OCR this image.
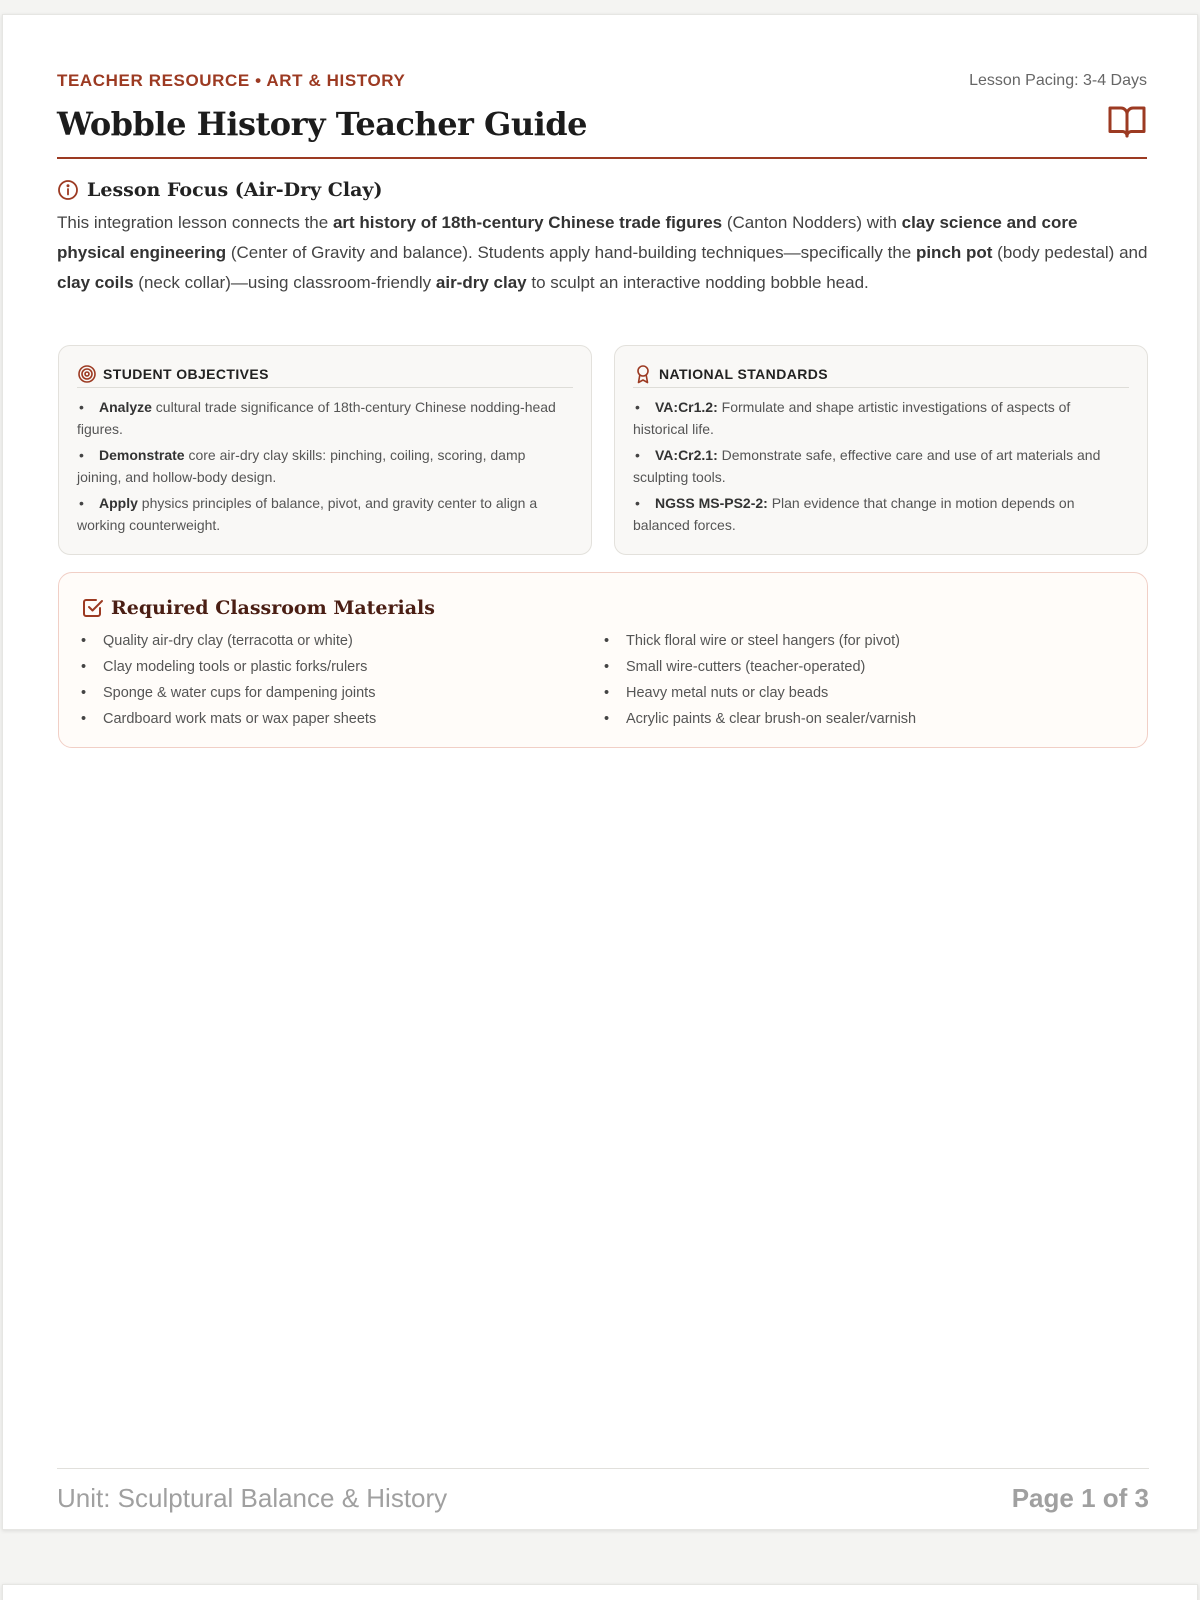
TEACHER RESOURCE • ART & HISTORY	Lesson Pacing: 3-4 Days
Wobble History Teacher Guide
Lesson Focus (Air-Dry Clay)

This integration lesson connects the art history of 18th-century Chinese trade figures (Canton Nodders) with clay science and core physical engineering (Center of Gravity and balance). Students apply hand-building techniques—specifically the pinch pot (body pedestal) and clay coils (neck collar)—using classroom-friendly air-dry clay to sculpt an interactive nodding bobble head.

STUDENT OBJECTIVES
• Analyze cultural trade significance of 18th-century Chinese nodding-head figures.
• Demonstrate core air-dry clay skills: pinching, coiling, scoring, damp joining, and hollow-body design.
• Apply physics principles of balance, pivot, and gravity center to align a working counterweight.
NATIONAL STANDARDS
• VA:Cr1.2: Formulate and shape artistic investigations of aspects of historical life.
• VA:Cr2.1: Demonstrate safe, effective care and use of art materials and sculpting tools.
• NGSS MS-PS2-2: Plan evidence that change in motion depends on balanced forces.
Required Classroom Materials
• Quality air-dry clay (terracotta or white)
• Clay modeling tools or plastic forks/rulers
• Sponge & water cups for dampening joints
• Cardboard work mats or wax paper sheets
• Thick floral wire or steel hangers (for pivot)
• Small wire-cutters (teacher-operated)
• Heavy metal nuts or clay beads
• Acrylic paints & clear brush-on sealer/varnish
Unit: Sculptural Balance & History	Page 1 of 3
